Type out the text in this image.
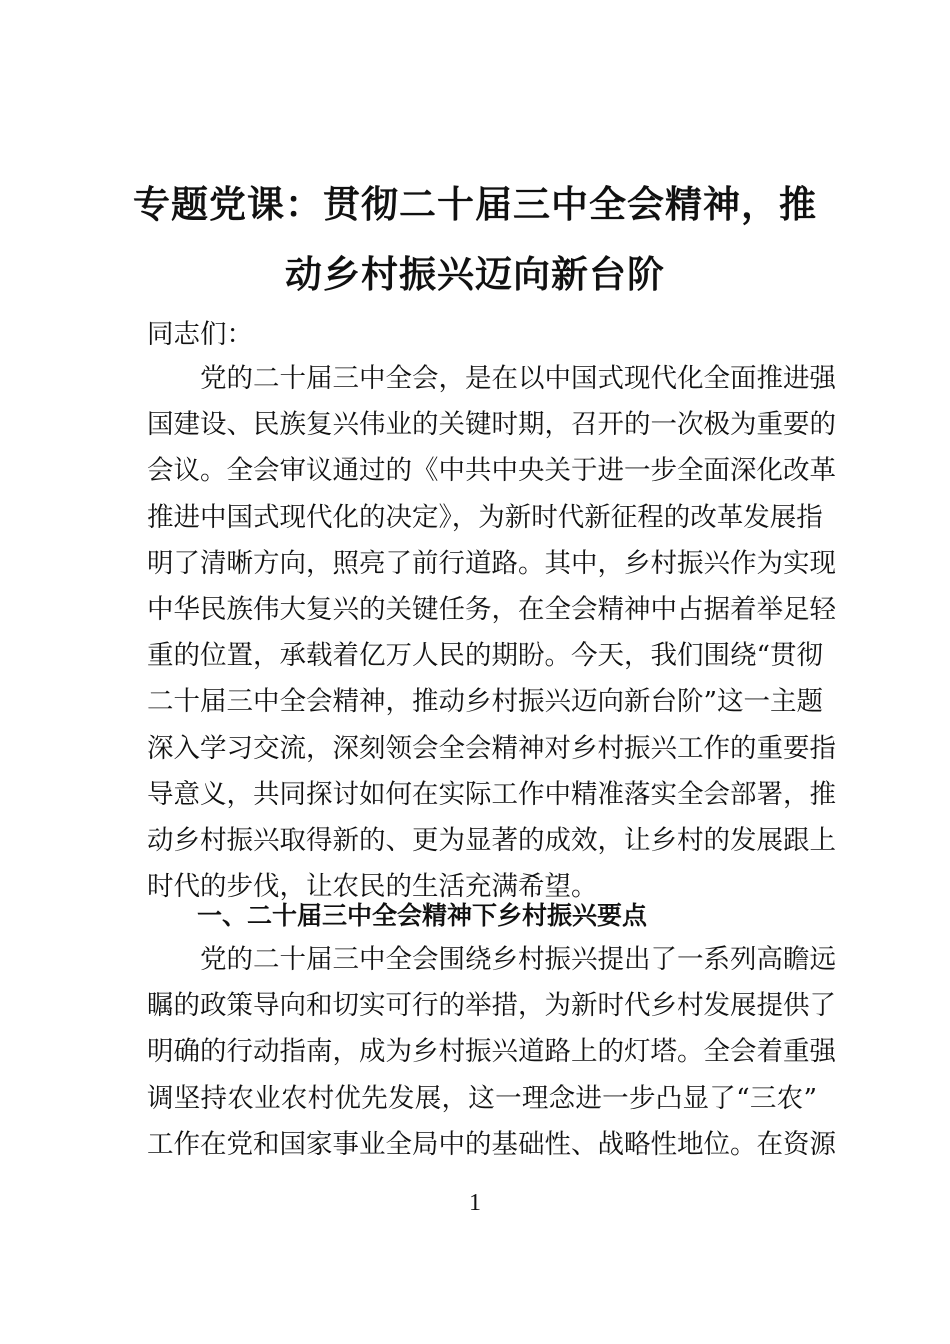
专题党课：贯彻二十届三中全会精神，推
动乡村振兴迈向新台阶
同志们：
党的二十届三中全会，是在以中国式现代化全面推进强
国建设、民族复兴伟业的关键时期，召开的一次极为重要的
会议。全会审议通过的《中共中央关于进一步全面深化改革
推进中国式现代化的决定》，为新时代新征程的改革发展指
明了清晰方向，照亮了前行道路。其中，乡村振兴作为实现
中华民族伟大复兴的关键任务，在全会精神中占据着举足轻
重的位置，承载着亿万人民的期盼。今天，我们围绕“贯彻
二十届三中全会精神，推动乡村振兴迈向新台阶”这一主题
深入学习交流，深刻领会全会精神对乡村振兴工作的重要指
导意义，共同探讨如何在实际工作中精准落实全会部署，推
动乡村振兴取得新的、更为显著的成效，让乡村的发展跟上
时代的步伐，让农民的生活充满希望。
一、二十届三中全会精神下乡村振兴要点
党的二十届三中全会围绕乡村振兴提出了一系列高瞻远
瞩的政策导向和切实可行的举措，为新时代乡村发展提供了
明确的行动指南，成为乡村振兴道路上的灯塔。全会着重强
调坚持农业农村优先发展，这一理念进一步凸显了“三农”
工作在党和国家事业全局中的基础性、战略性地位。在资源
1
